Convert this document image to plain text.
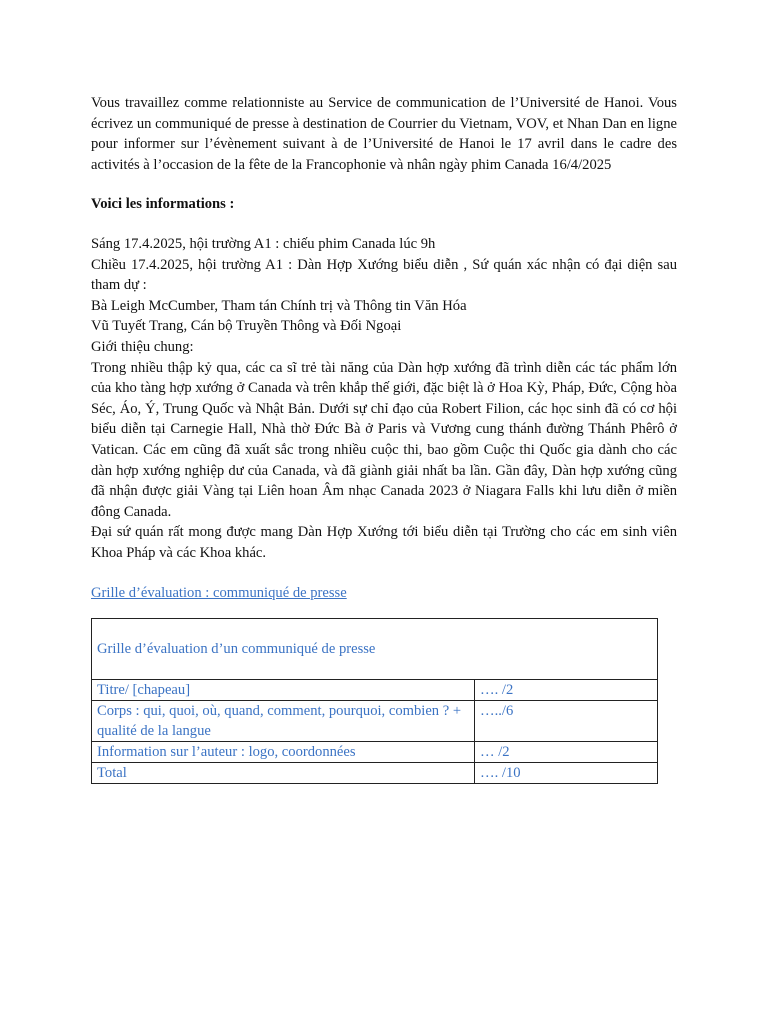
Vous travaillez comme relationniste au Service de communication de l’Université de Hanoi. Vous écrivez un communiqué de presse à destination de Courrier du Vietnam, VOV, et Nhan Dan en ligne pour informer sur l’évènement suivant à de l’Université de Hanoi le 17 avril dans le cadre des activités à l’occasion de la fête de la Francophonie và nhân ngày phim Canada 16/4/2025

Voici les informations :

Sáng 17.4.2025, hội trường A1 : chiếu phim Canada lúc 9h

Chiều 17.4.2025, hội trường A1 : Dàn Hợp Xướng biểu diễn , Sứ quán xác nhận có đại diện sau tham dự :

Bà Leigh McCumber, Tham tán Chính trị và Thông tin Văn Hóa

Vũ Tuyết Trang, Cán bộ Truyền Thông và Đối Ngoại

Giới thiệu chung:

Trong nhiều thập kỷ qua, các ca sĩ trẻ tài năng của Dàn hợp xướng đã trình diễn các tác phẩm lớn của kho tàng hợp xướng ở Canada và trên khắp thế giới, đặc biệt là ở Hoa Kỳ, Pháp, Đức, Cộng hòa Séc, Áo, Ý, Trung Quốc và Nhật Bản. Dưới sự chỉ đạo của Robert Filion, các học sinh đã có cơ hội biểu diễn tại Carnegie Hall, Nhà thờ Đức Bà ở Paris và Vương cung thánh đường Thánh Phêrô ở Vatican. Các em cũng đã xuất sắc trong nhiều cuộc thi, bao gồm Cuộc thi Quốc gia dành cho các dàn hợp xướng nghiệp dư của Canada, và đã giành giải nhất ba lần. Gần đây, Dàn hợp xướng cũng đã nhận được giải Vàng tại Liên hoan Âm nhạc Canada 2023 ở Niagara Falls khi lưu diễn ở miền đông Canada.

Đại sứ quán rất mong được mang Dàn Hợp Xướng tới biểu diễn tại Trường cho các em sinh viên Khoa Pháp và các Khoa khác.

Grille d’évaluation : communiqué de presse
Grille d’évaluation d’un communiqué de presse	
Titre/ [chapeau]	…. /2
Corps : qui, quoi, où, quand, comment, pourquoi, combien ? + qualité de la langue	…../6
Information sur l’auteur : logo, coordonnées	… /2
Total	…. /10
